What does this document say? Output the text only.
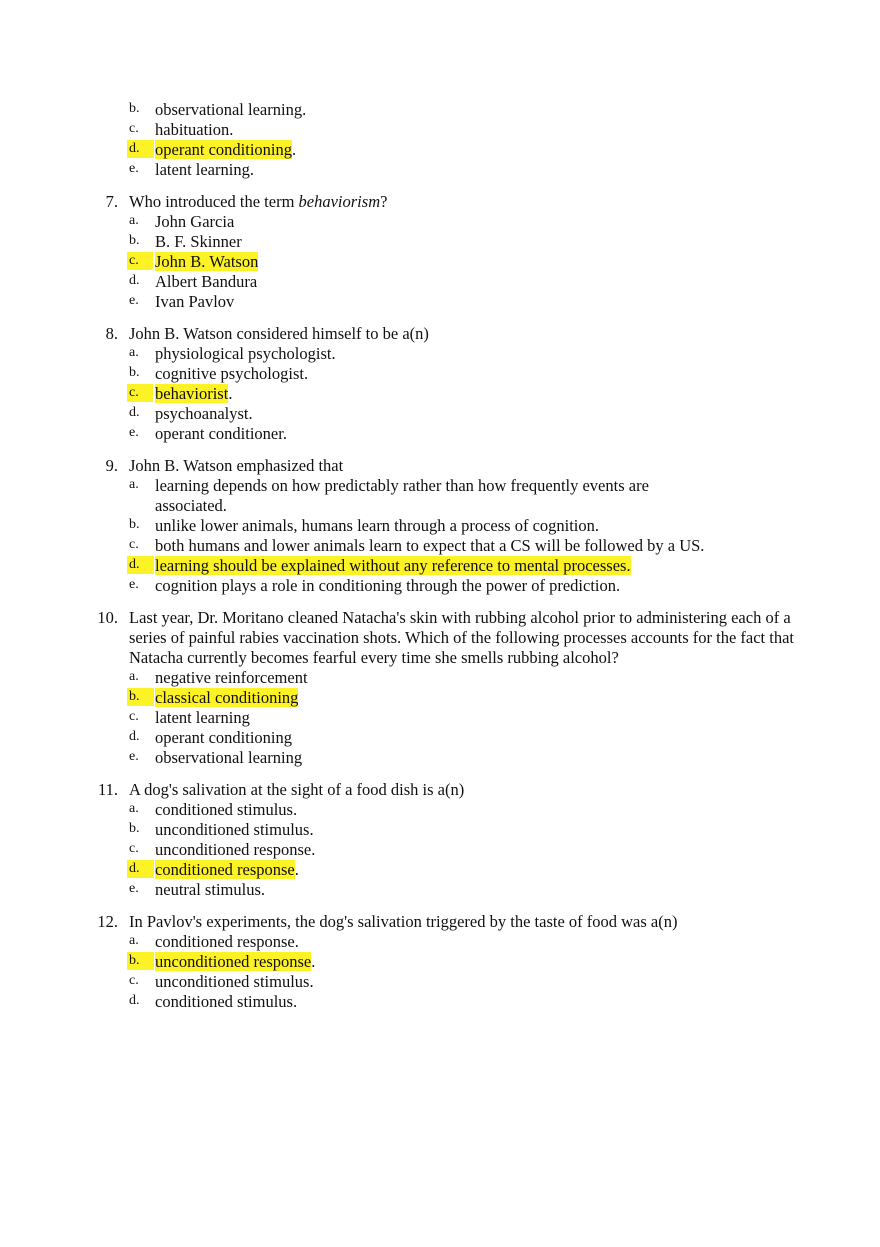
b. observational learning.
c. habituation.
d. operant conditioning.
e. latent learning.
7. Who introduced the term behaviorism?
a. John Garcia
b. B. F. Skinner
c. John B. Watson
d. Albert Bandura
e. Ivan Pavlov
8. John B. Watson considered himself to be a(n)
a. physiological psychologist.
b. cognitive psychologist.
c. behaviorist.
d. psychoanalyst.
e. operant conditioner.
9. John B. Watson emphasized that
a. learning depends on how predictably rather than how frequently events are
associated.
b. unlike lower animals, humans learn through a process of cognition.
c. both humans and lower animals learn to expect that a CS will be followed by a US.
d. learning should be explained without any reference to mental processes.
e. cognition plays a role in conditioning through the power of prediction.
10. Last year, Dr. Moritano cleaned Natacha's skin with rubbing alcohol prior to administering each of a
series of painful rabies vaccination shots. Which of the following processes accounts for the fact that
Natacha currently becomes fearful every time she smells rubbing alcohol?
a. negative reinforcement
b. classical conditioning
c. latent learning
d. operant conditioning
e. observational learning
11. A dog's salivation at the sight of a food dish is a(n)
a. conditioned stimulus.
b. unconditioned stimulus.
c. unconditioned response.
d. conditioned response.
e. neutral stimulus.
12. In Pavlov's experiments, the dog's salivation triggered by the taste of food was a(n)
a. conditioned response.
b. unconditioned response.
c. unconditioned stimulus.
d. conditioned stimulus.
